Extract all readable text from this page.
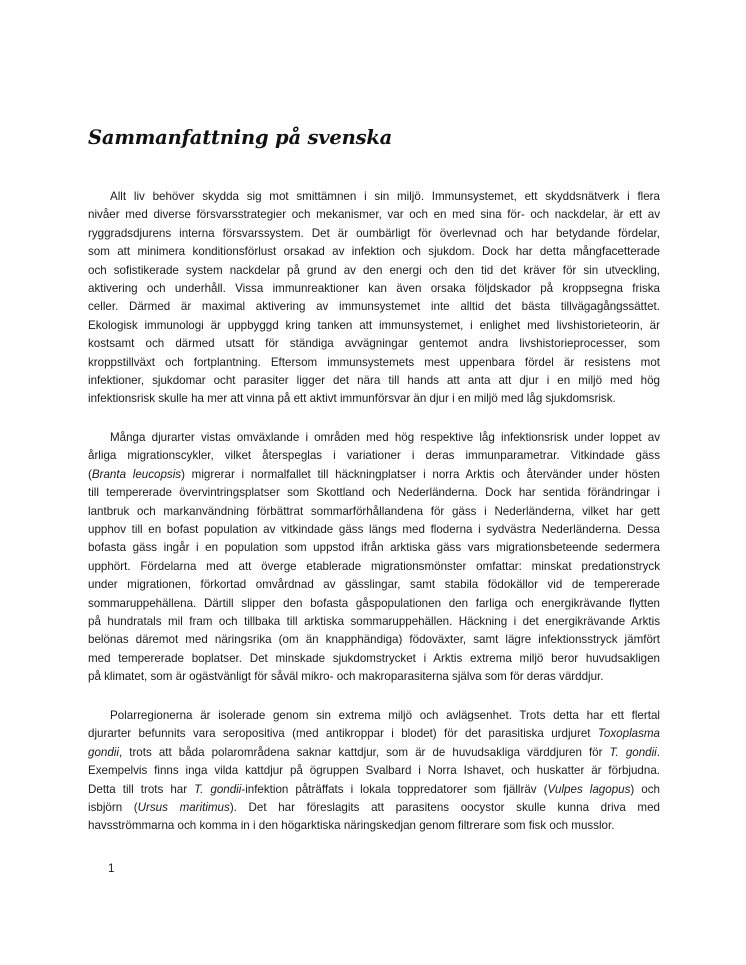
Sammanfattning på svenska
Allt liv behöver skydda sig mot smittämnen i sin miljö. Immunsystemet, ett skyddsnätverk i flera
nivåer med diverse försvarsstrategier och mekanismer, var och en med sina för- och nackdelar, är ett av
ryggradsdjurens interna försvarssystem. Det är oumbärligt för överlevnad och har betydande fördelar,
som att minimera konditionsförlust orsakad av infektion och sjukdom. Dock har detta mångfacetterade
och sofistikerade system nackdelar på grund av den energi och den tid det kräver för sin utveckling,
aktivering och underhåll. Vissa immunreaktioner kan även orsaka följdskador på kroppsegna friska
celler. Därmed är maximal aktivering av immunsystemet inte alltid det bästa tillvägagångssättet.
Ekologisk immunologi är uppbyggd kring tanken att immunsystemet, i enlighet med livshistorieteorin, är
kostsamt och därmed utsatt för ständiga avvägningar gentemot andra livshistorieprocesser, som
kroppstillväxt och fortplantning. Eftersom immunsystemets mest uppenbara fördel är resistens mot
infektioner, sjukdomar ocht parasiter ligger det nära till hands att anta att djur i en miljö med hög
infektionsrisk skulle ha mer att vinna på ett aktivt immunförsvar än djur i en miljö med låg sjukdomsrisk.
Många djurarter vistas omväxlande i områden med hög respektive låg infektionsrisk under loppet av
årliga migrationscykler, vilket återspeglas i variationer i deras immunparametrar. Vitkindade gäss
(Branta leucopsis) migrerar i normalfallet till häckningplatser i norra Arktis och återvänder under hösten
till tempererade övervintringsplatser som Skottland och Nederländerna. Dock har sentida förändringar i
lantbruk och markanvändning förbättrat sommarförhållandena för gäss i Nederländerna, vilket har gett
upphov till en bofast population av vitkindade gäss längs med floderna i sydvästra Nederländerna. Dessa
bofasta gäss ingår i en population som uppstod ifrån arktiska gäss vars migrationsbeteende sedermera
upphört. Fördelarna med att överge etablerade migrationsmönster omfattar: minskat predationstryck
under migrationen, förkortad omvårdnad av gässlingar, samt stabila födokällor vid de tempererade
sommaruppehällena. Därtill slipper den bofasta gåspopulationen den farliga och energikrävande flytten
på hundratals mil fram och tillbaka till arktiska sommaruppehällen. Häckning i det energikrävande Arktis
belönas däremot med näringsrika (om än knapphändiga) födoväxter, samt lägre infektionsstryck jämfört
med tempererade boplatser. Det minskade sjukdomstrycket i Arktis extrema miljö beror huvudsakligen
på klimatet, som är ogästvänligt för såväl mikro- och makroparasiterna själva som för deras värddjur.
Polarregionerna är isolerade genom sin extrema miljö och avlägsenhet. Trots detta har ett flertal
djurarter befunnits vara seropositiva (med antikroppar i blodet) för det parasitiska urdjuret Toxoplasma
gondii, trots att båda polarområdena saknar kattdjur, som är de huvudsakliga värddjuren för T. gondii.
Exempelvis finns inga vilda kattdjur på ögruppen Svalbard i Norra Ishavet, och huskatter är förbjudna.
Detta till trots har T. gondii-infektion påträffats i lokala toppredatorer som fjällräv (Vulpes lagopus) och
isbjörn (Ursus maritimus). Det har föreslagits att parasitens oocystor skulle kunna driva med
havsströmmarna och komma in i den högarktiska näringskedjan genom filtrerare som fisk och musslor.
1
